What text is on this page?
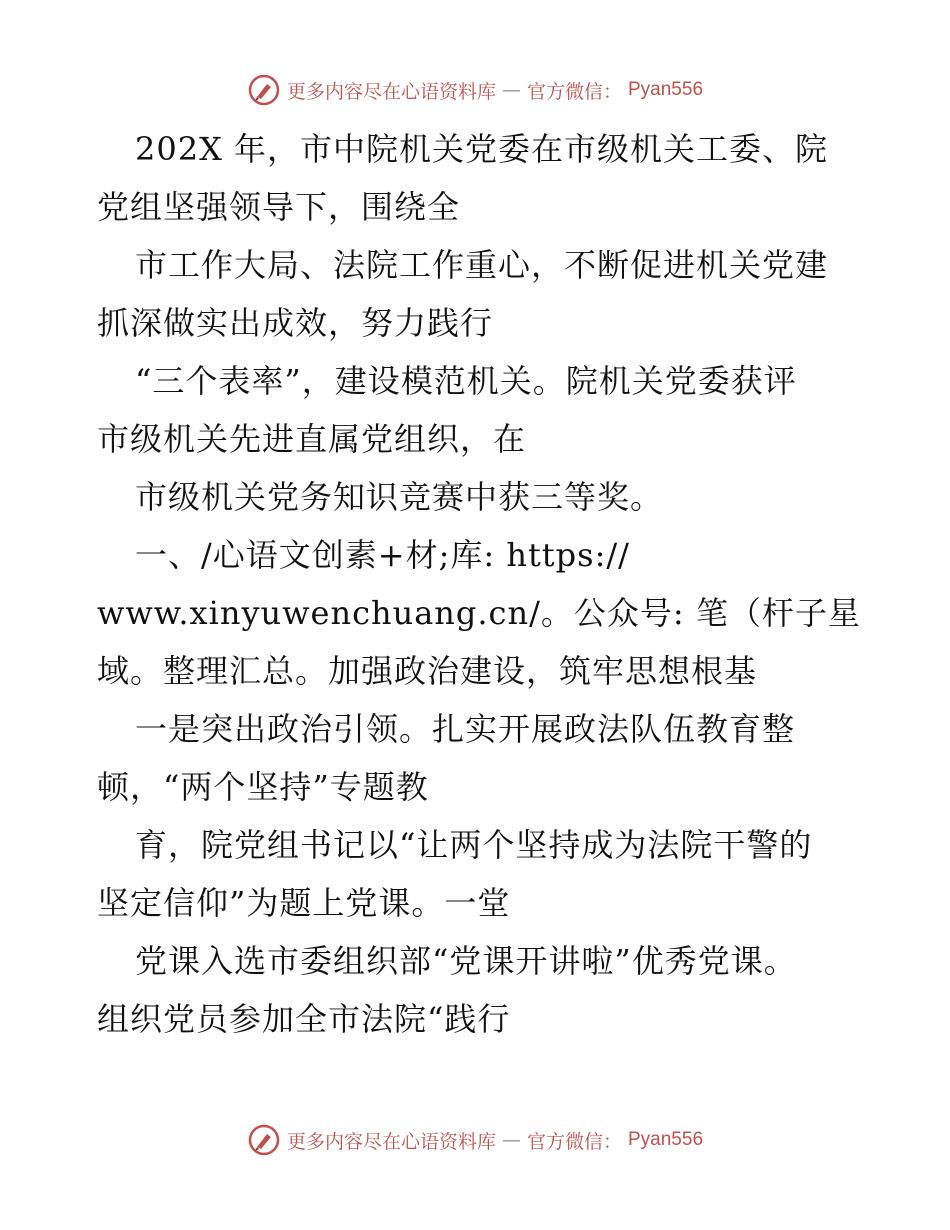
更多内容尽在心语资料库 — 官方微信： Pyan556
202X 年，市中院机关党委在市级机关工委、院
党组坚强领导下，围绕全
市工作大局、法院工作重心，不断促进机关党建
抓深做实出成效，努力践行
“三个表率”，建设模范机关。院机关党委获评
市级机关先进直属党组织，在
市级机关党务知识竞赛中获三等奖。
一、/心语文创素+材;库: https://
www.xinyuwenchuang.cn/。公众号: 笔（杆子星
域。整理汇总。加强政治建设，筑牢思想根基
一是突出政治引领。扎实开展政法队伍教育整
顿，“两个坚持”专题教
育，院党组书记以“让两个坚持成为法院干警的
坚定信仰”为题上党课。一堂
党课入选市委组织部“党课开讲啦”优秀党课。
组织党员参加全市法院“践行
更多内容尽在心语资料库 — 官方微信： Pyan556
